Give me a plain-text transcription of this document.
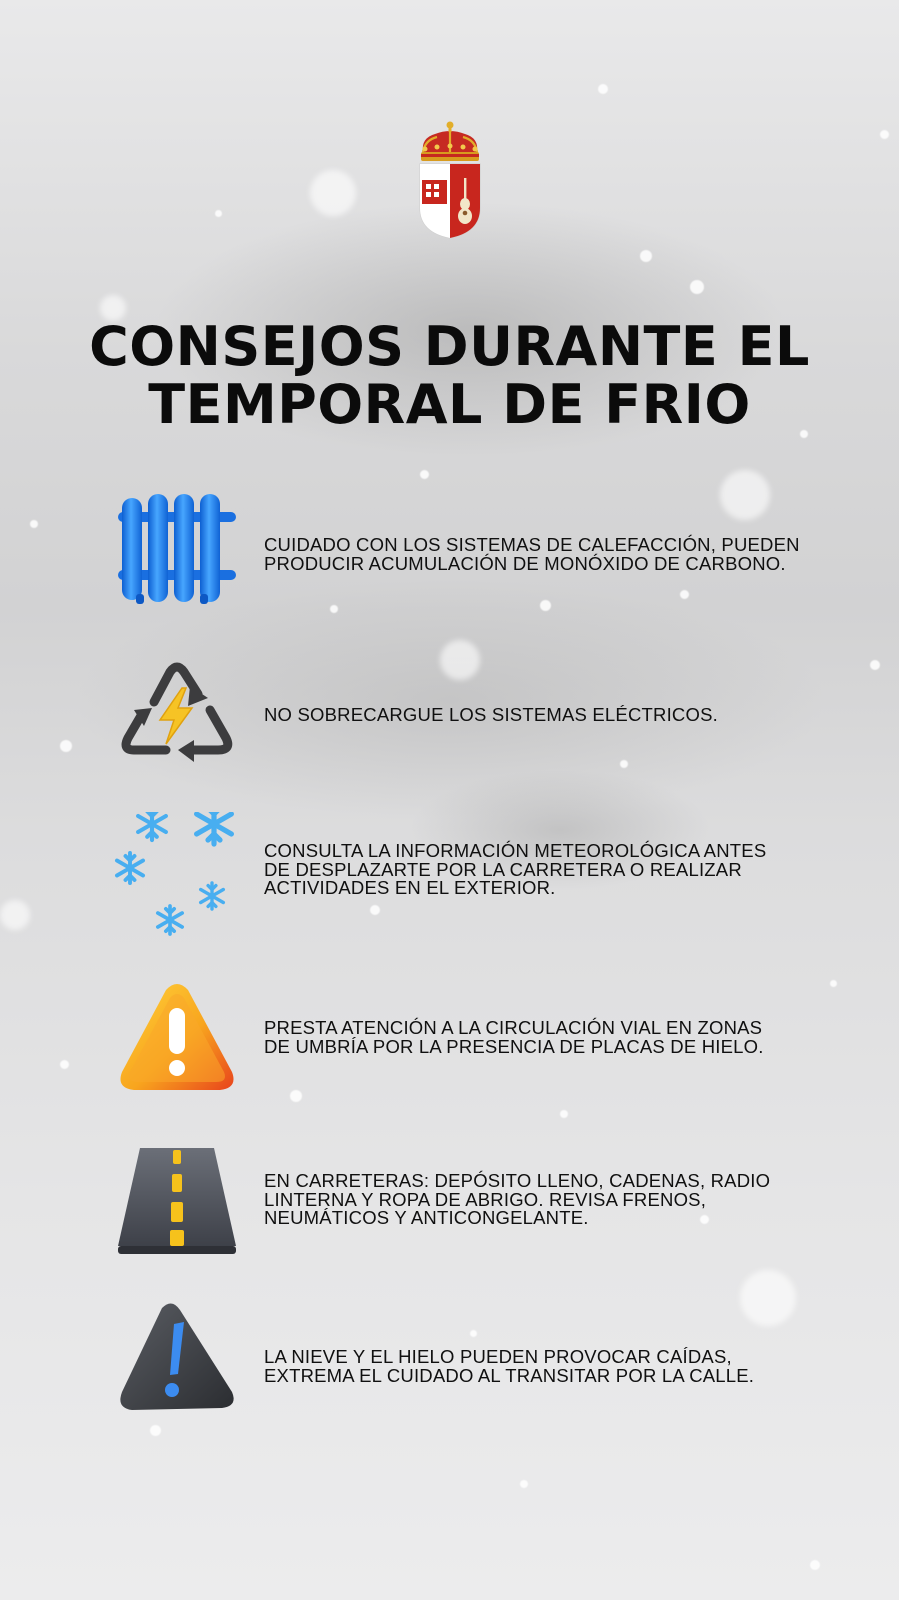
CONSEJOS DURANTE EL
TEMPORAL DE FRIO
CUIDADO CON LOS SISTEMAS DE CALEFACCIÓN, PUEDEN
PRODUCIR ACUMULACIÓN DE MONÓXIDO DE CARBONO.
NO SOBRECARGUE LOS SISTEMAS ELÉCTRICOS.
CONSULTA LA INFORMACIÓN METEOROLÓGICA ANTES
DE DESPLAZARTE POR LA CARRETERA O REALIZAR
ACTIVIDADES EN EL EXTERIOR.
PRESTA ATENCIÓN A LA CIRCULACIÓN VIAL EN ZONAS
DE UMBRÍA POR LA PRESENCIA DE PLACAS DE HIELO.
EN CARRETERAS: DEPÓSITO LLENO, CADENAS, RADIO
LINTERNA Y ROPA DE ABRIGO. REVISA FRENOS,
NEUMÁTICOS Y ANTICONGELANTE.
LA NIEVE Y EL HIELO PUEDEN PROVOCAR CAÍDAS,
EXTREMA EL CUIDADO AL TRANSITAR POR LA CALLE.
